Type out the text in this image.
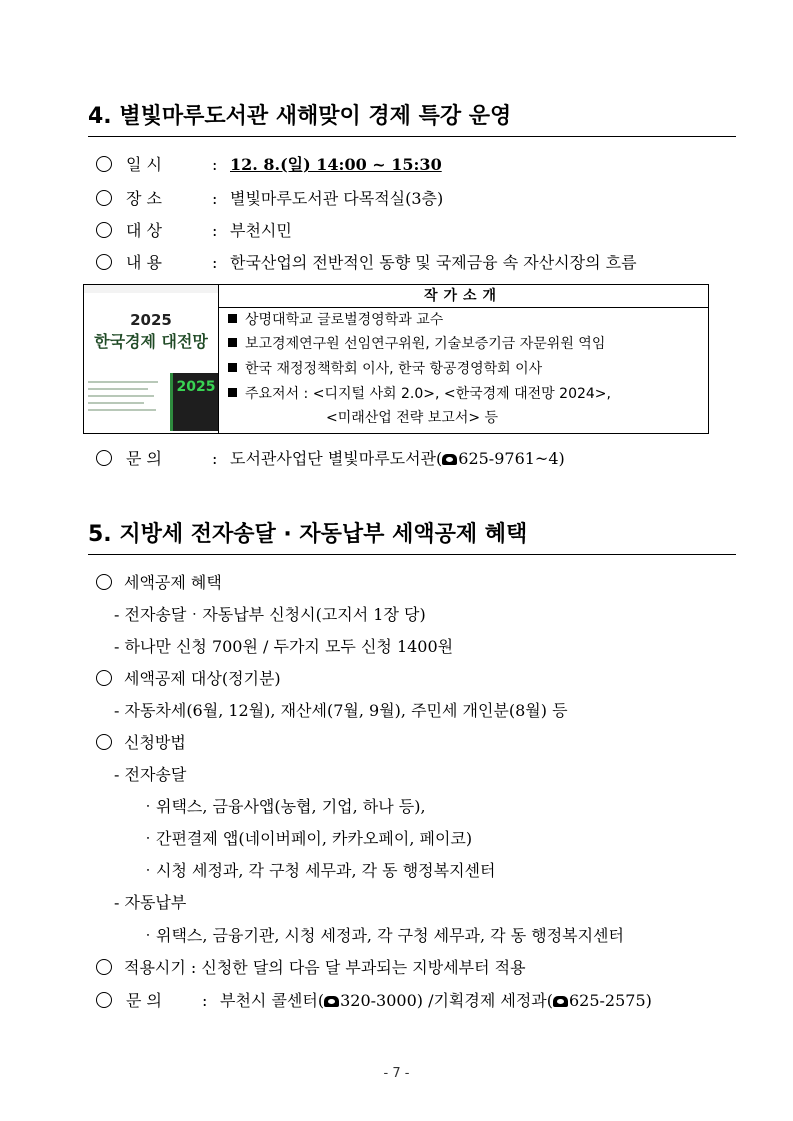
4. 별빛마루도서관 새해맞이 경제 특강 운영
일 시	: 12. 8.(일) 14:00 ~ 15:30
장 소	: 별빛마루도서관 다목적실(3층)
대 상	: 부천시민
내 용	: 한국산업의 전반적인 동향 및 국제금융 속 자산시장의 흐름
2025
한국경제 대전망
2025
작가소개
상명대학교 글로벌경영학과 교수
보고경제연구원 선임연구위원, 기술보증기금 자문위원 역임
한국 재정정책학회 이사, 한국 항공경영학회 이사
주요저서 : <디지털 사회 2.0>, <한국경제 대전망 2024>,
<미래산업 전략 보고서> 등
문 의	: 도서관사업단 별빛마루도서관( 625-9761~4)
5. 지방세 전자송달 · 자동납부 세액공제 혜택
세액공제 혜택
- 전자송달‧자동납부 신청시(고지서 1장 당)
- 하나만 신청 700원 / 두가지 모두 신청 1400원
세액공제 대상(정기분)
- 자동차세(6월, 12월), 재산세(7월, 9월), 주민세 개인분(8월) 등
신청방법
- 전자송달
‧위택스, 금융사앱(농협, 기업, 하나 등),
‧간편결제 앱(네이버페이, 카카오페이, 페이코)
‧시청 세정과, 각 구청 세무과, 각 동 행정복지센터
- 자동납부
‧위택스, 금융기관, 시청 세정과, 각 구청 세무과, 각 동 행정복지센터
적용시기 : 신청한 달의 다음 달 부과되는 지방세부터 적용
문 의	: 부천시 콜센터( 320-3000) /기획경제 세정과( 625-2575)
- 7 -
